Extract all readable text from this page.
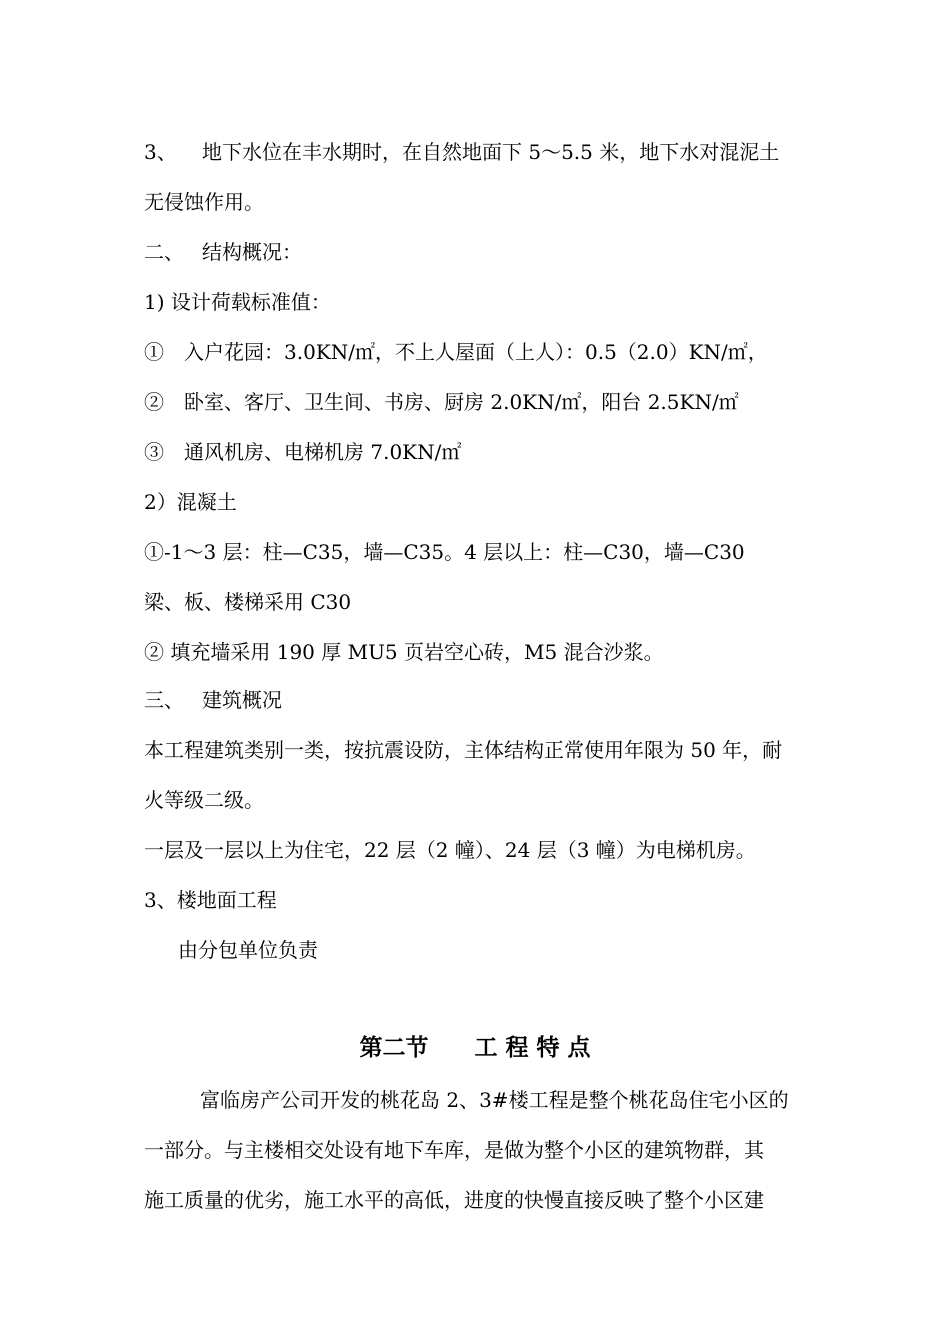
3、 地下水位在丰水期时，在自然地面下 5～5.5 米，地下水对混泥土
无侵蚀作用。
二、 结构概况：
1) 设计荷载标准值：
①　入户花园：3.0KN/㎡，不上人屋面（上人）：0.5（2.0）KN/㎡，
②　卧室、客厅、卫生间、书房、厨房 2.0KN/㎡，阳台 2.5KN/㎡
③　通风机房、电梯机房 7.0KN/㎡
2）混凝土
①-1～3 层：柱—C35，墙—C35。4 层以上：柱—C30，墙—C30
梁、板、楼梯采用 C30
② 填充墙采用 190 厚 MU5 页岩空心砖，M5 混合沙浆。
三、 建筑概况
本工程建筑类别一类，按抗震设防，主体结构正常使用年限为 50 年，耐
火等级二级。
一层及一层以上为住宅，22 层（2 幢）、24 层（3 幢）为电梯机房。
3、楼地面工程
由分包单位负责
第二节　　工 程 特 点
富临房产公司开发的桃花岛 2、3#楼工程是整个桃花岛住宅小区的
一部分。与主楼相交处设有地下车库，是做为整个小区的建筑物群，其
施工质量的优劣，施工水平的高低，进度的快慢直接反映了整个小区建
